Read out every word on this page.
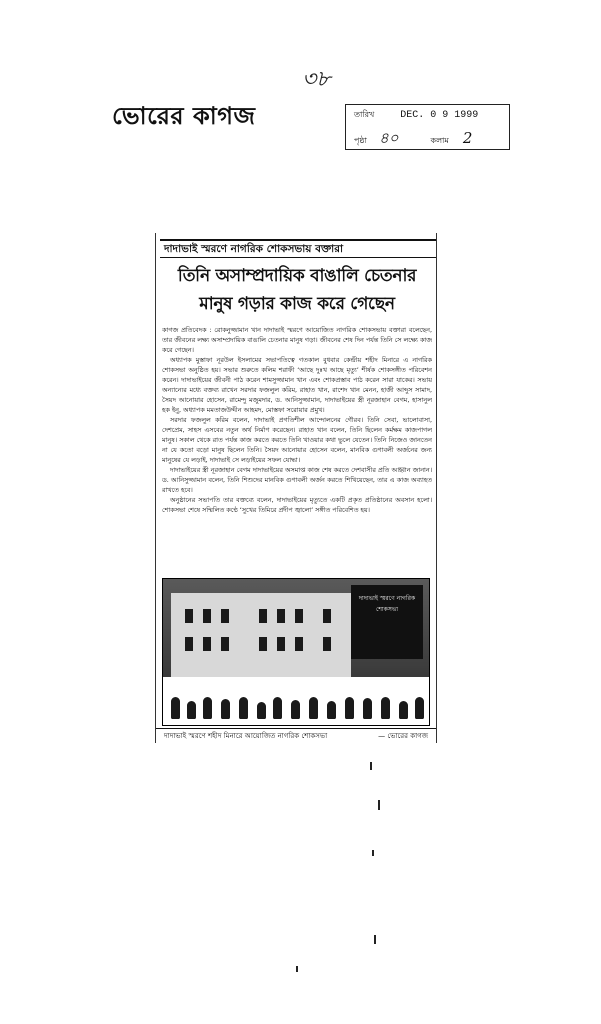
৩৮
ভোরের কাগজ	তারিখ	DEC. 0 9 1999
পৃষ্ঠা ৪০	কলাম 2
দাদাভাই স্মরণে নাগরিক শোকসভায় বক্তারা
তিনি অসাম্প্রদায়িক বাঙালি চেতনার
মানুষ গড়ার কাজ করে গেছেন

কাগজ প্রতিবেদক : রোকনুজ্জামান খান দাদাভাই স্মরণে আয়োজিত নাগরিক শোকসভায় বক্তারা বলেছেন, তার জীবনের লক্ষ্য অসাম্প্রদায়িক বাঙালি চেতনার মানুষ গড়া। জীবনের শেষ দিন পর্যন্ত তিনি সে লক্ষ্যে কাজ করে গেছেন।

অধ্যাপক মুস্তাফা নূরউল ইসলামের সভাপতিত্বে গতকাল বুধবার কেন্দ্রীয় শহীদ মিনারে এ নাগরিক শোকসভা অনুষ্ঠিত হয়। সভার শুরুতে কলিম শরাফী ‘আছে দুঃখ আছে মৃত্যু’ শীর্ষক শোকসঙ্গীত পরিবেশন করেন। দাদাভাইয়ের জীবনী পাঠ করেন শামসুজ্জামান খান এবং শোকপ্রস্তাব পাঠ করেন সারা যাকের। সভায় অন্যান্যের মধ্যে বক্তব্য রাখেন সরদার ফজলুল করিম, রাহাত খান, রাশেদ খান মেনন, হাজী আব্দুস সামাদ, সৈয়দ আনোয়ার হোসেন, রামেন্দু মজুমদার, ড. আনিসুজ্জামান, দাদাভাইয়ের স্ত্রী নূরজাহান বেগম, হাসানুল হক ইনু, অধ্যাপক মমতাজউদ্দীন আহমদ, মোস্তফা সরোয়ার প্রমুখ।

সরদার ফজলুল করিম বলেন, দাদাভাই প্রগতিশীল আন্দোলনের গৌরব। তিনি সেবা, ভালোবাসা, দেশপ্রেম, সাহস এসবের নতুন অর্থ নির্মাণ করেছেন। রাহাত খান বলেন, তিনি ছিলেন কর্মক্ষম কাজপাগল মানুষ। সকাল থেকে রাত পর্যন্ত কাজ করতে করতে তিনি খাওয়ার কথা ভুলে যেতেন। তিনি নিজেও জানতেন না যে কতো বড়ো মানুষ ছিলেন তিনি। সৈয়দ আনোয়ার হোসেন বলেন, মানবিক গুণাবলী অর্জনের জন্য মানুষের যে লড়াই, দাদাভাই সে লড়াইয়ের সফল যোদ্ধা।

দাদাভাইয়ের স্ত্রী নূরজাহান বেগম দাদাভাইয়ের অসমাপ্ত কাজ শেষ করতে দেশবাসীর প্রতি আহ্বান জানান। ড. আনিসুজ্জামান বলেন, তিনি শিশুদের মানবিক গুণাবলী অর্জন করতে শিখিয়েছেন, তার এ কাজ অব্যাহত রাখতে হবে।

অনুষ্ঠানের সভাপতি তার বক্তব্যে বলেন, দাদাভাইয়ের মৃত্যুতে একটি প্রকৃত প্রতিষ্ঠানের অবসান হলো। শোকসভা শেষে সম্মিলিত কণ্ঠে ‘সুখের তিমিরে প্রদীপ জ্বালো’ সঙ্গীত পরিবেশিত হয়।

দাদাভাই স্মরণে নাগরিক শোকসভা
দাদাভাই স্মরণে শহীদ মিনারে আয়োজিত নাগরিক শোকসভা	— ভোরের কাগজ
